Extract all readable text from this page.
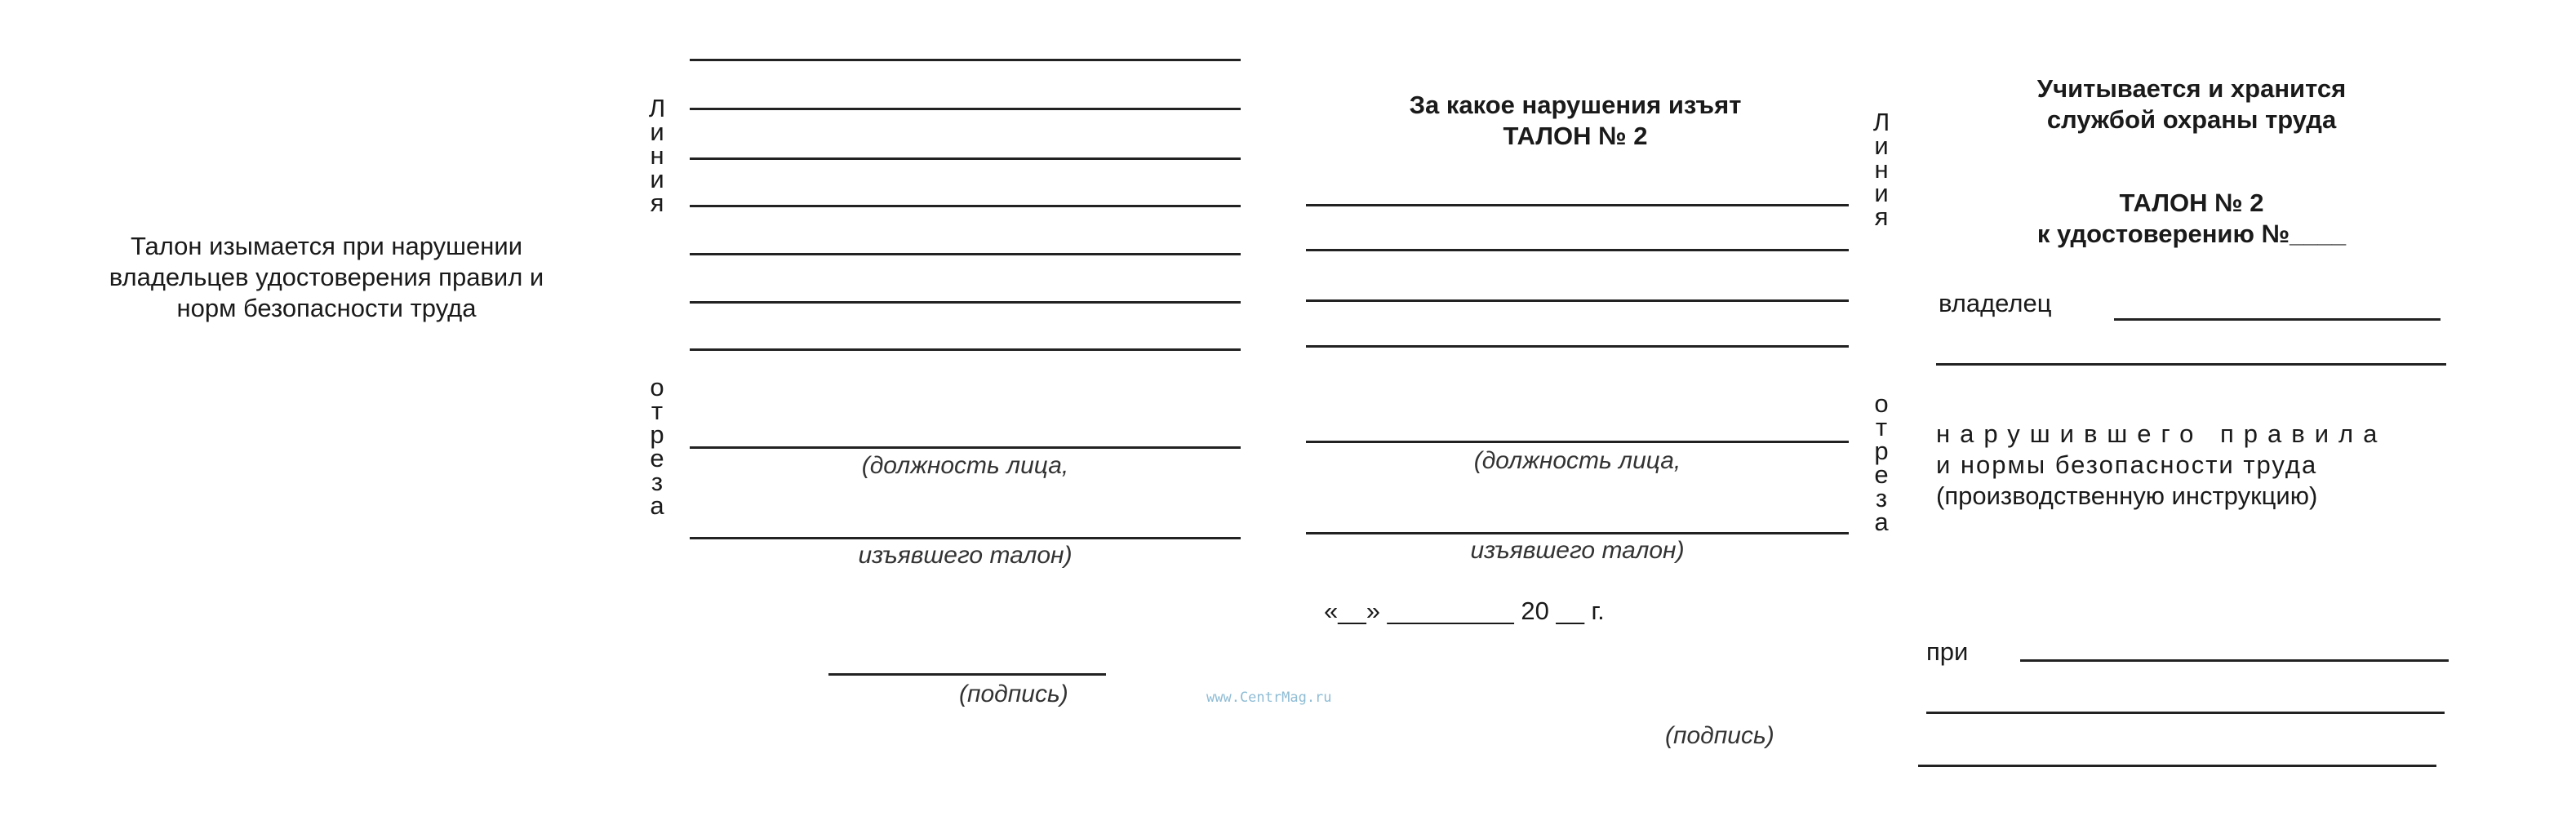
Талон изымается при нарушении владельцев удостоверения правил и норм безопасности труда
Л
и
н
и
я
о
т
р
е
з
а
(должность лица,
изъявшего талон)
(подпись)	www.CentrMag.ru
За какое нарушения изъят
ТАЛОН № 2
(должность лица,
изъявшего талон)
«__» _________ 20 __ г.
(подпись)
Л
и
н
и
я
о
т
р
е
з
а
Учитывается и хранится
службой охраны труда
ТАЛОН № 2
к удостоверению №____
владелец
нарушившего правила
и нормы безопасности труда
(производственную инструкцию)
при
